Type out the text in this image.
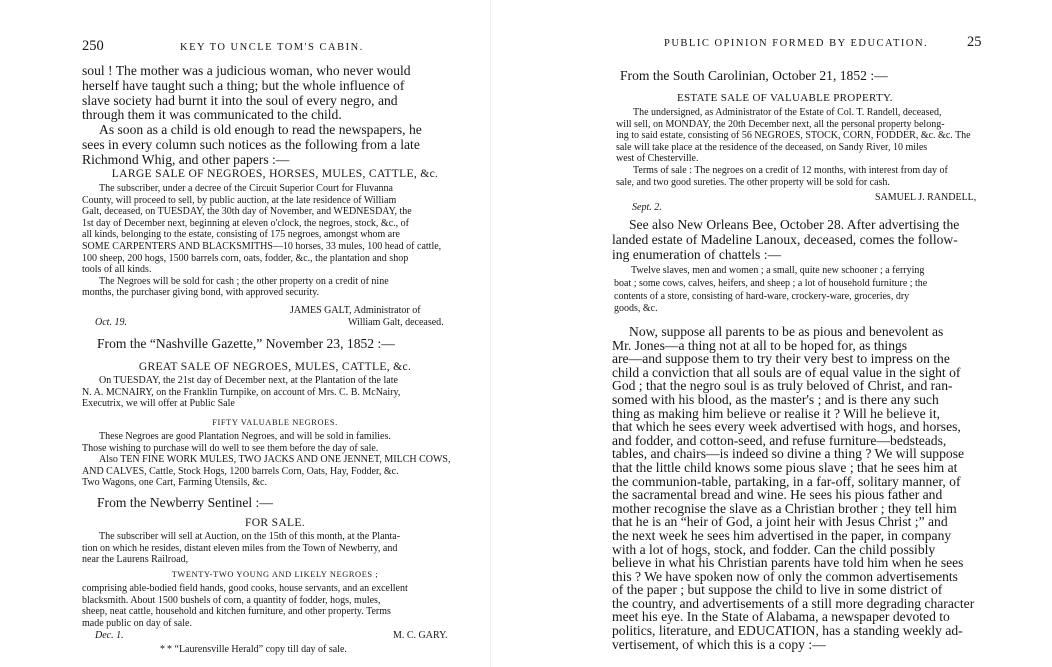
250	KEY TO UNCLE TOM'S CABIN.

soul ! The mother was a judicious woman, who never would

herself have taught such a thing; but the whole influence of

slave society had burnt it into the soul of every negro, and

through them it was communicated to the child.

As soon as a child is old enough to read the newspapers, he

sees in every column such notices as the following from a late

Richmond Whig, and other papers :—

LARGE SALE OF NEGROES, HORSES, MULES, CATTLE, &c.

The subscriber, under a decree of the Circuit Superior Court for Fluvanna

County, will proceed to sell, by public auction, at the late residence of William

Galt, deceased, on TUESDAY, the 30th day of November, and WEDNESDAY, the

1st day of December next, beginning at eleven o'clock, the negroes, stock, &c., of

all kinds, belonging to the estate, consisting of 175 negroes, amongst whom are

SOME CARPENTERS AND BLACKSMITHS—10 horses, 33 mules, 100 head of cattle,

100 sheep, 200 hogs, 1500 barrels corn, oats, fodder, &c., the plantation and shop

tools of all kinds.

The Negroes will be sold for cash ; the other property on a credit of nine

months, the purchaser giving bond, with approved security.

JAMES GALT, Administrator of
Oct. 19.	William Galt, deceased.
From the “Nashville Gazette,” November 23, 1852 :—
GREAT SALE OF NEGROES, MULES, CATTLE, &c.

On TUESDAY, the 21st day of December next, at the Plantation of the late

N. A. MCNAIRY, on the Franklin Turnpike, on account of Mrs. C. B. McNairy,

Executrix, we will offer at Public Sale

FIFTY VALUABLE NEGROES.

These Negroes are good Plantation Negroes, and will be sold in families.

Those wishing to purchase will do well to see them before the day of sale.

Also TEN FINE WORK MULES, TWO JACKS AND ONE JENNET, MILCH COWS,

AND CALVES, Cattle, Stock Hogs, 1200 barrels Corn, Oats, Hay, Fodder, &c.

Two Wagons, one Cart, Farming Utensils, &c.

From the Newberry Sentinel :—
FOR SALE.

The subscriber will sell at Auction, on the 15th of this month, at the Planta-

tion on which he resides, distant eleven miles from the Town of Newberry, and

near the Laurens Railroad,

TWENTY-TWO YOUNG AND LIKELY NEGROES ;

comprising able-bodied field hands, good cooks, house servants, and an excellent

blacksmith. About 1500 bushels of corn, a quantity of fodder, hogs, mules,

sheep, neat cattle, household and kitchen furniture, and other property. Terms

made public on day of sale.

Dec. 1.	M. C. GARY.
* * “Laurensville Herald” copy till day of sale.
PUBLIC OPINION FORMED BY EDUCATION.	25
From the South Carolinian, October 21, 1852 :—
ESTATE SALE OF VALUABLE PROPERTY.

The undersigned, as Administrator of the Estate of Col. T. Randell, deceased,

will sell, on MONDAY, the 20th December next, all the personal property belong-

ing to said estate, consisting of 56 NEGROES, STOCK, CORN, FODDER, &c. &c. The

sale will take place at the residence of the deceased, on Sandy River, 10 miles

west of Chesterville.

Terms of sale : The negroes on a credit of 12 months, with interest from day of

sale, and two good sureties. The other property will be sold for cash.

SAMUEL J. RANDELL,
Sept. 2.

See also New Orleans Bee, October 28. After advertising the

landed estate of Madeline Lanoux, deceased, comes the follow-

ing enumeration of chattels :—

Twelve slaves, men and women ; a small, quite new schooner ; a ferrying

boat ; some cows, calves, heifers, and sheep ; a lot of household furniture ; the

contents of a store, consisting of hard-ware, crockery-ware, groceries, dry

goods, &c.

Now, suppose all parents to be as pious and benevolent as

Mr. Jones—a thing not at all to be hoped for, as things

are—and suppose them to try their very best to impress on the

child a conviction that all souls are of equal value in the sight of

God ; that the negro soul is as truly beloved of Christ, and ran-

somed with his blood, as the master's ; and is there any such

thing as making him believe or realise it ? Will he believe it,

that which he sees every week advertised with hogs, and horses,

and fodder, and cotton-seed, and refuse furniture—bedsteads,

tables, and chairs—is indeed so divine a thing ? We will suppose

that the little child knows some pious slave ; that he sees him at

the communion-table, partaking, in a far-off, solitary manner, of

the sacramental bread and wine. He sees his pious father and

mother recognise the slave as a Christian brother ; they tell him

that he is an “heir of God, a joint heir with Jesus Christ ;” and

the next week he sees him advertised in the paper, in company

with a lot of hogs, stock, and fodder. Can the child possibly

believe in what his Christian parents have told him when he sees

this ? We have spoken now of only the common advertisements

of the paper ; but suppose the child to live in some district of

the country, and advertisements of a still more degrading character

meet his eye. In the State of Alabama, a newspaper devoted to

politics, literature, and EDUCATION, has a standing weekly ad-

vertisement, of which this is a copy :—
